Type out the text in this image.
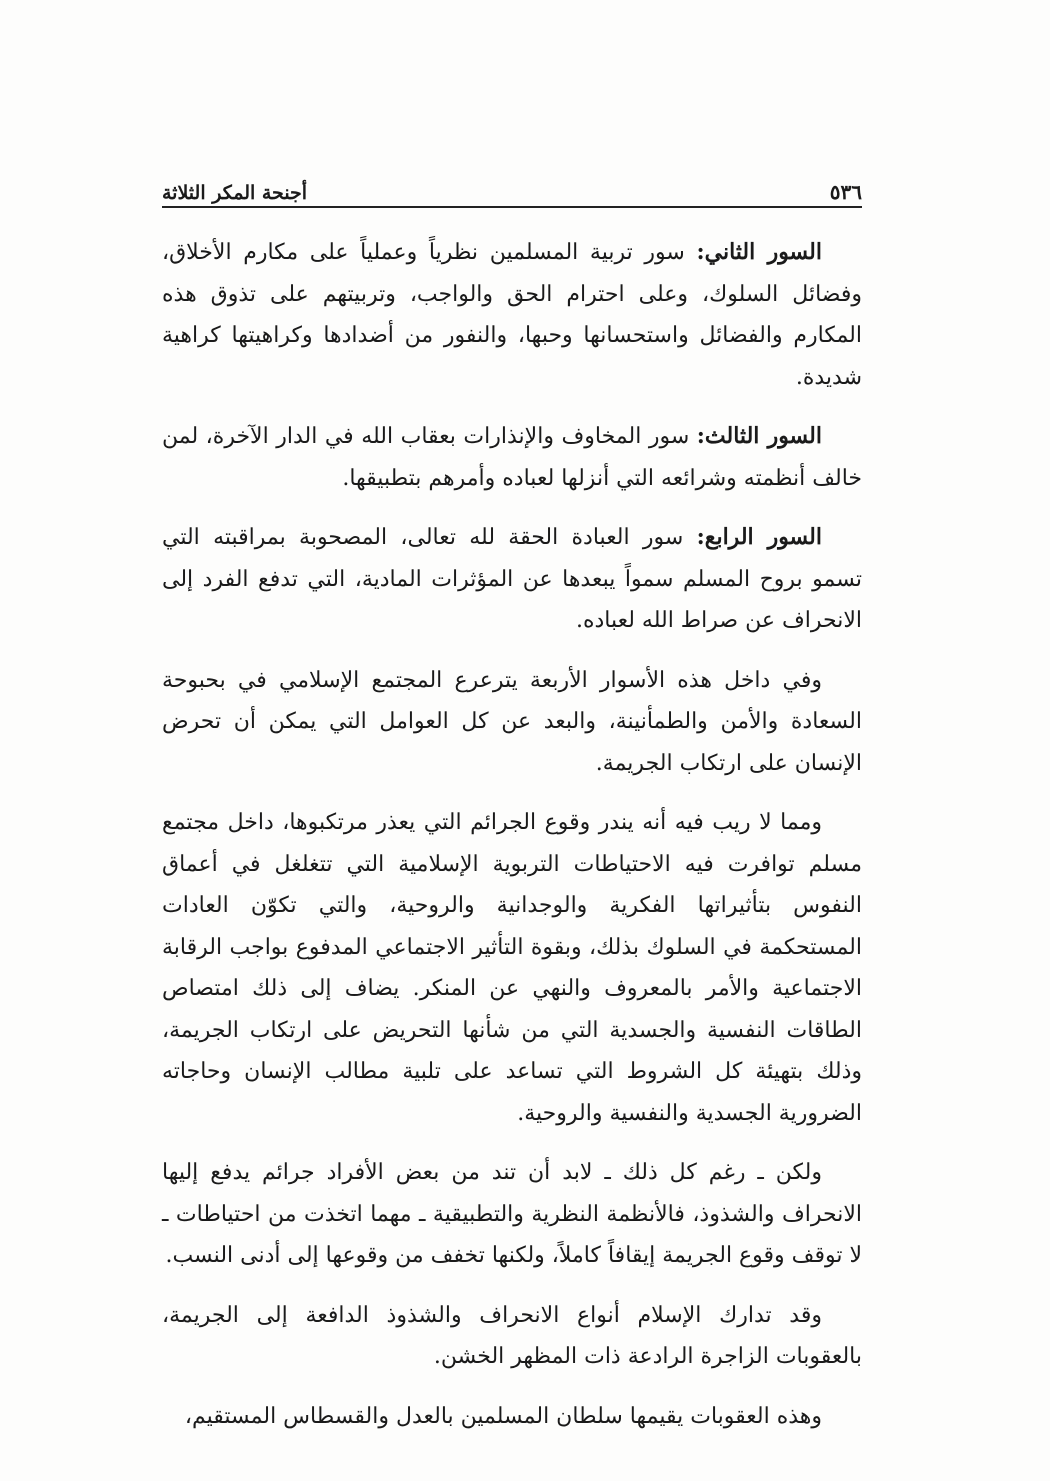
٥٣٦
أجنحة المكر الثلاثة

السور الثاني: سور تربية المسلمين نظرياً وعملياً على مكارم الأخلاق، وفضائل السلوك، وعلى احترام الحق والواجب، وتربيتهم على تذوق هذه المكارم والفضائل واستحسانها وحبها، والنفور من أضدادها وكراهيتها كراهية شديدة.

السور الثالث: سور المخاوف والإنذارات بعقاب الله في الدار الآخرة، لمن خالف أنظمته وشرائعه التي أنزلها لعباده وأمرهم بتطبيقها.

السور الرابع: سور العبادة الحقة لله تعالى، المصحوبة بمراقبته التي تسمو بروح المسلم سمواً يبعدها عن المؤثرات المادية، التي تدفع الفرد إلى الانحراف عن صراط الله لعباده.

وفي داخل هذه الأسوار الأربعة يترعرع المجتمع الإسلامي في بحبوحة السعادة والأمن والطمأنينة، والبعد عن كل العوامل التي يمكن أن تحرض الإنسان على ارتكاب الجريمة.

ومما لا ريب فيه أنه يندر وقوع الجرائم التي يعذر مرتكبوها، داخل مجتمع مسلم توافرت فيه الاحتياطات التربوية الإسلامية التي تتغلغل في أعماق النفوس بتأثيراتها الفكرية والوجدانية والروحية، والتي تكوّن العادات المستحكمة في السلوك بذلك، وبقوة التأثير الاجتماعي المدفوع بواجب الرقابة الاجتماعية والأمر بالمعروف والنهي عن المنكر. يضاف إلى ذلك امتصاص الطاقات النفسية والجسدية التي من شأنها التحريض على ارتكاب الجريمة، وذلك بتهيئة كل الشروط التي تساعد على تلبية مطالب الإنسان وحاجاته الضرورية الجسدية والنفسية والروحية.

ولكن ـ رغم كل ذلك ـ لابد أن تند من بعض الأفراد جرائم يدفع إليها الانحراف والشذوذ، فالأنظمة النظرية والتطبيقية ـ مهما اتخذت من احتياطات ـ لا توقف وقوع الجريمة إيقافاً كاملاً، ولكنها تخفف من وقوعها إلى أدنى النسب.

وقد تدارك الإسلام أنواع الانحراف والشذوذ الدافعة إلى الجريمة، بالعقوبات الزاجرة الرادعة ذات المظهر الخشن.

وهذه العقوبات يقيمها سلطان المسلمين بالعدل والقسطاس المستقيم،
